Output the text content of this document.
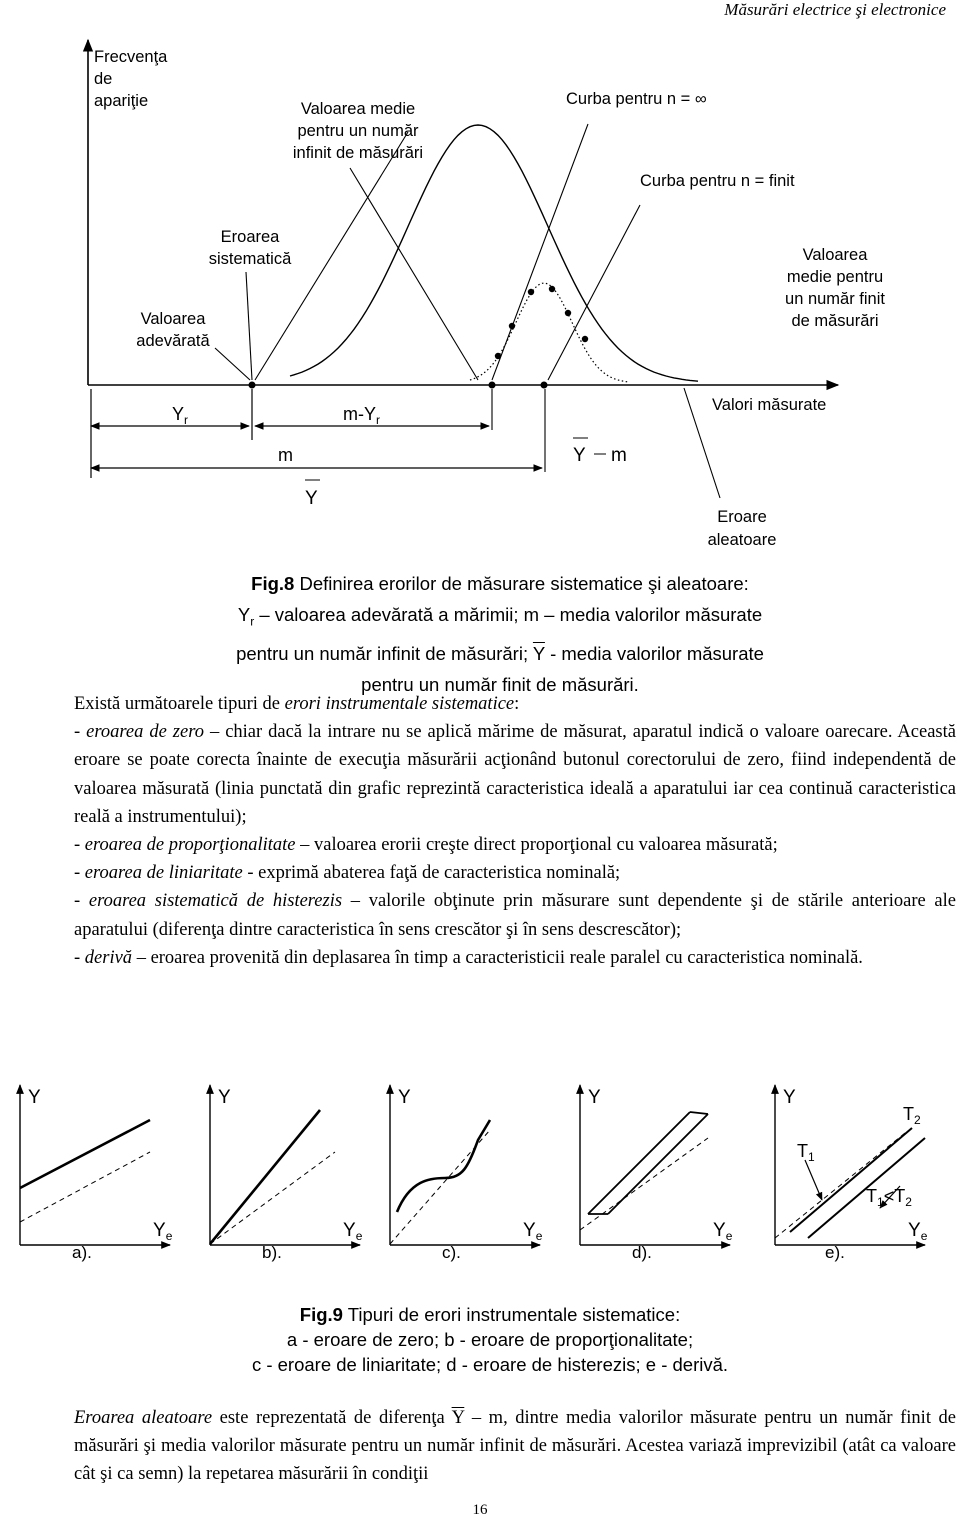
Măsurări electrice şi electronice
Frecvenţa de apariţie	Valoarea medie pentru un număr infinit de măsurări
Curba pentru n = ∞
Curba pentru n = finit
Eroarea sistematică
Valoarea adevărată
Valoarea medie pentru un număr finit de măsurări
$Y_r$	$m-Y_r$
Valori măsurate
m	Y m
Y
Eroare aleatoare
Fig.8 Definirea erorilor de măsurare sistematice şi aleatoare:
$Y_r$ – valoarea adevărată a mărimii; m – media valorilor măsurate
pentru un număr infinit de măsurări; $\overline{Y}$ - media valorilor măsurate
pentru un număr finit de măsurări.

Există următoarele tipuri de erori instrumentale sistematice:

- eroarea de zero – chiar dacă la intrare nu se aplică mărime de măsurat, aparatul indică o valoare oarecare. Această eroare se poate corecta înainte de execuţia măsurării acţionând butonul corectorului de zero, fiind independentă de valoarea măsurată (linia punctată din grafic reprezintă caracteristica ideală a aparatului iar cea continuă caracteristica reală a instrumentului);

- eroarea de proporţionalitate – valoarea erorii creşte direct proporţional cu valoarea măsurată;

- eroarea de liniaritate - exprimă abaterea faţă de caracteristica nominală;

- eroarea sistematică de histerezis – valorile obţinute prin măsurare sunt dependente şi de stările anterioare ale aparatului (diferenţa dintre caracteristica în sens crescător şi în sens descrescător);

- derivă – eroarea provenită din deplasarea în timp a caracteristicii reale paralel cu caracteristica nominală.

Y
$Y_e$
a).
Y
$Y_e$
b).
Y
$Y_e$
c).
Y
$Y_e$
d).
Y
$Y_e$
e).
$T_2$
$T_1$
$T_1<T_2$
Fig.9 Tipuri de erori instrumentale sistematice:
a - eroare de zero; b - eroare de proporţionalitate;
c - eroare de liniaritate; d - eroare de histerezis; e - derivă.

Eroarea aleatoare este reprezentată de diferenţa $\overline{Y}$ – m, dintre media valorilor măsurate pentru un număr finit de măsurări şi media valorilor măsurate pentru un număr infinit de măsurări. Acestea variază imprevizibil (atât ca valoare cât şi ca semn) la repetarea măsurării în condiţii

16
